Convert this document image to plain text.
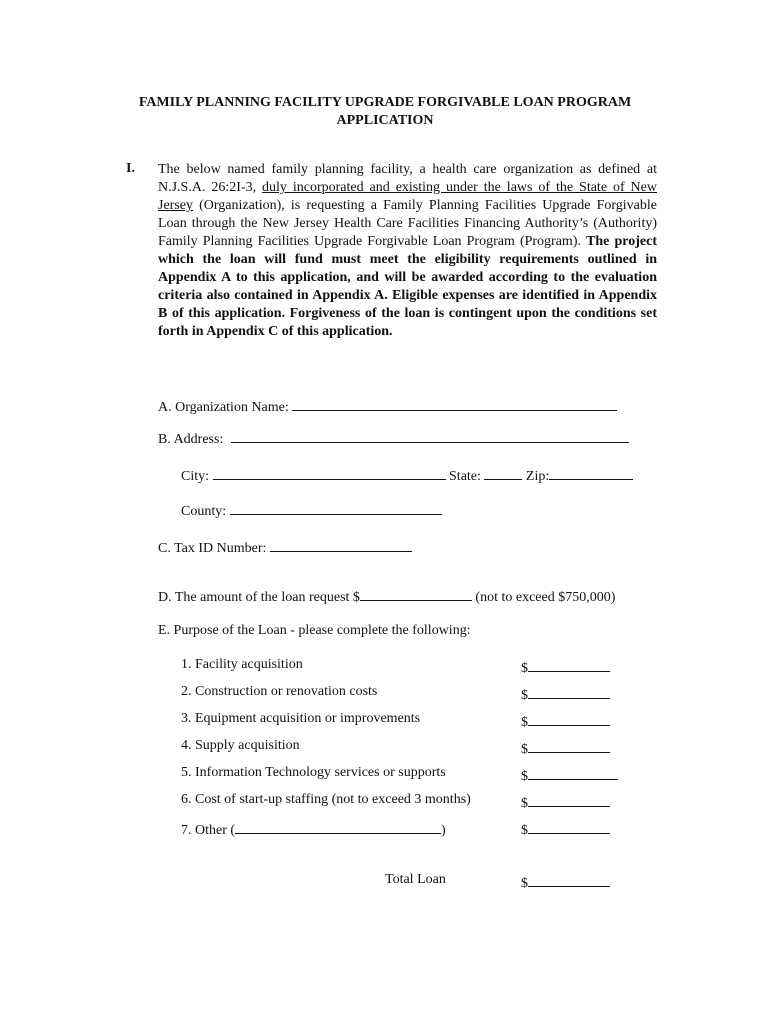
FAMILY PLANNING FACILITY UPGRADE FORGIVABLE LOAN PROGRAM
APPLICATION
I. The below named family planning facility, a health care organization as defined at N.J.S.A. 26:2I-3, duly incorporated and existing under the laws of the State of New Jersey (Organization), is requesting a Family Planning Facilities Upgrade Forgivable Loan through the New Jersey Health Care Facilities Financing Authority’s (Authority) Family Planning Facilities Upgrade Forgivable Loan Program (Program). The project which the loan will fund must meet the eligibility requirements outlined in Appendix A to this application, and will be awarded according to the evaluation criteria also contained in Appendix A. Eligible expenses are identified in Appendix B of this application. Forgiveness of the loan is contingent upon the conditions set forth in Appendix C of this application.
A. Organization Name:
B. Address:
City:	State:	Zip:
County:
C. Tax ID Number:
D. The amount of the loan request $	(not to exceed $750,000)
E. Purpose of the Loan - please complete the following:
1. Facility acquisition	$
2. Construction or renovation costs	$
3. Equipment acquisition or improvements	$
4. Supply acquisition	$
5. Information Technology services or supports	$
6. Cost of start-up staffing (not to exceed 3 months)	$
7. Other (	)	$
Total Loan	$
